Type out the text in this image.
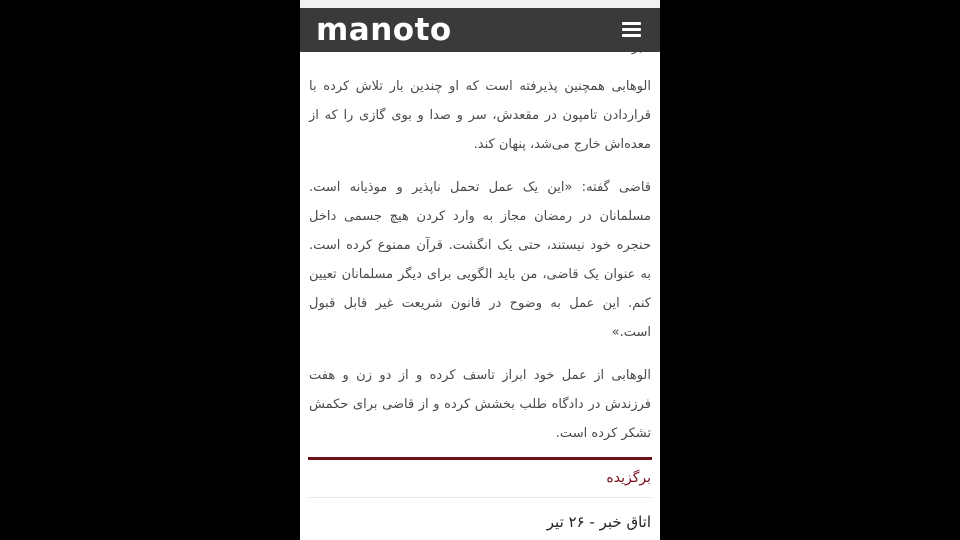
manoto

الوهابی همچنین پذیرفته است که او چندین بار تلاش کرده با قراردادن تامپون در مقعدش، سر و صدا و بوی گازی را که از معده‌اش خارج می‌شد، پنهان کند.

قاضی گفته: «این یک عمل تحمل ناپذیر و موذیانه است. مسلمانان در رمضان مجاز به وارد کردن هیچ جسمی داخل حنجره خود نیستند، حتی یک انگشت. قرآن ممنوع کرده است. به عنوان یک قاضی، من باید الگویی برای دیگر مسلمانان تعیین کنم. این عمل به وضوح در قانون شریعت غیر قابل قبول است.»

الوهابی از عمل خود ابراز تاسف کرده و از دو زن و هفت فرزندش در دادگاه طلب بخشش کرده و از قاضی برای حکمش تشکر کرده است.

برگزیده
اتاق خبر - ۲۶ تیر
